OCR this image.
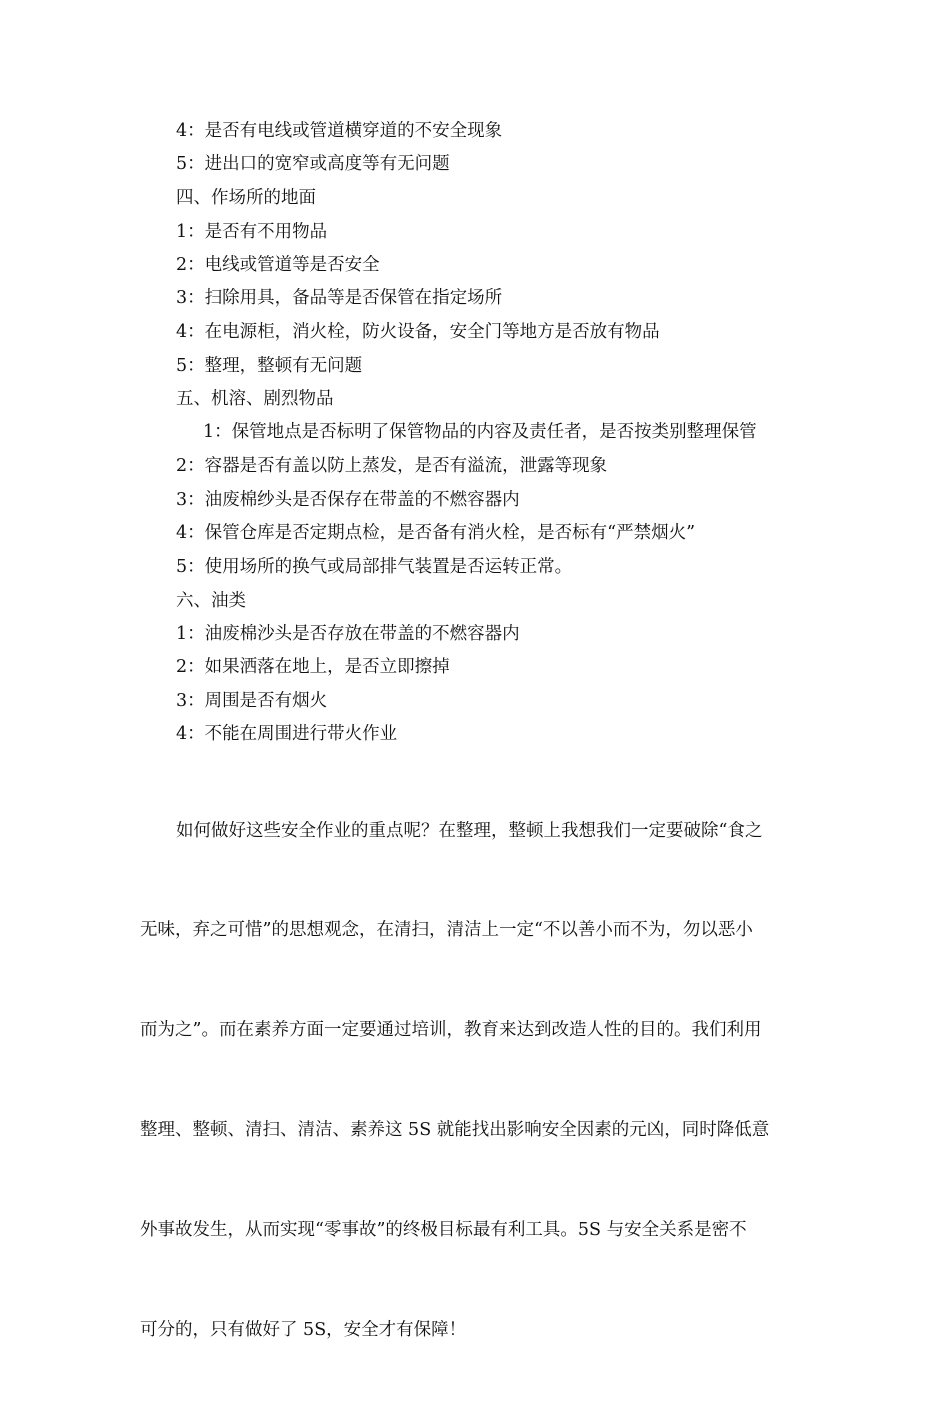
4：是否有电线或管道横穿道的不安全现象
5：进出口的宽窄或高度等有无问题
四、作场所的地面
1：是否有不用物品
2：电线或管道等是否安全
3：扫除用具，备品等是否保管在指定场所
4：在电源柜，消火栓，防火设备，安全门等地方是否放有物品
5：整理，整顿有无问题
五、机溶、剧烈物品
1：保管地点是否标明了保管物品的内容及责任者，是否按类别整理保管
2：容器是否有盖以防上蒸发，是否有溢流，泄露等现象
3：油废棉纱头是否保存在带盖的不燃容器内
4：保管仓库是否定期点检，是否备有消火栓，是否标有“严禁烟火”
5：使用场所的换气或局部排气装置是否运转正常。
六、油类
1：油废棉沙头是否存放在带盖的不燃容器内
2：如果洒落在地上，是否立即擦掉
3：周围是否有烟火
4：不能在周围进行带火作业

如何做好这些安全作业的重点呢？在整理，整顿上我想我们一定要破除“食之

无味，弃之可惜”的思想观念，在清扫，清洁上一定“不以善小而不为，勿以恶小

而为之”。而在素养方面一定要通过培训，教育来达到改造人性的目的。我们利用

整理、整顿、清扫、清洁、素养这 5S 就能找出影响安全因素的元凶，同时降低意

外事故发生，从而实现“零事故”的终极目标最有利工具。5S 与安全关系是密不

可分的，只有做好了 5S，安全才有保障！
